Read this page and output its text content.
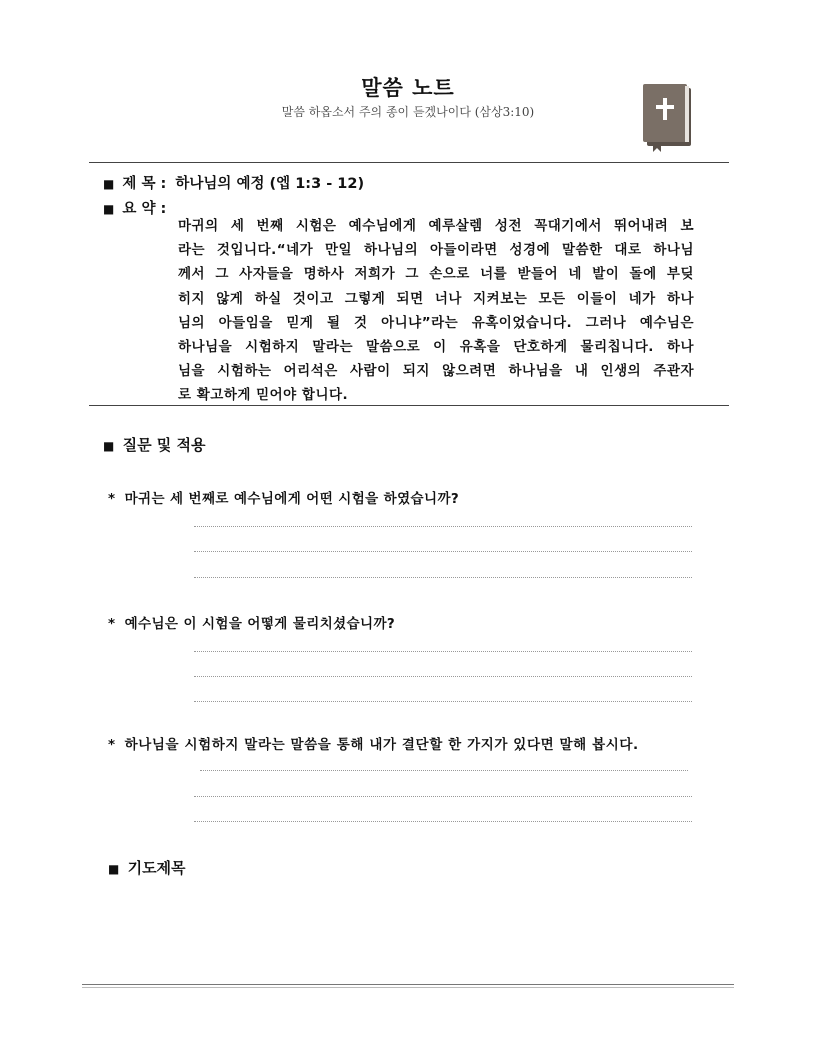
말씀 노트
말씀 하옵소서 주의 종이 듣겠나이다 (삼상3:10)
■ 제 목 : 하나님의 예정 (엡 1:3 - 12)
■ 요 약 :
마귀의 세 번째 시험은 예수님에게 예루살렘 성전 꼭대기에서 뛰어내려 보
라는 것입니다.“네가 만일 하나님의 아들이라면 성경에 말씀한 대로 하나님
께서 그 사자들을 명하사 저희가 그 손으로 너를 받들어 네 발이 돌에 부딪
히지 않게 하실 것이고 그렇게 되면 너나 지켜보는 모든 이들이 네가 하나
님의 아들임을 믿게 될 것 아니냐”라는 유혹이었습니다. 그러나 예수님은
하나님을 시험하지 말라는 말씀으로 이 유혹을 단호하게 물리칩니다. 하나
님을 시험하는 어리석은 사람이 되지 않으려면 하나님을 내 인생의 주관자
로 확고하게 믿어야 합니다.
■ 질문 및 적용
* 마귀는 세 번째로 예수님에게 어떤 시험을 하였습니까?
* 예수님은 이 시험을 어떻게 물리치셨습니까?
* 하나님을 시험하지 말라는 말씀을 통해 내가 결단할 한 가지가 있다면 말해 봅시다.
■ 기도제목
